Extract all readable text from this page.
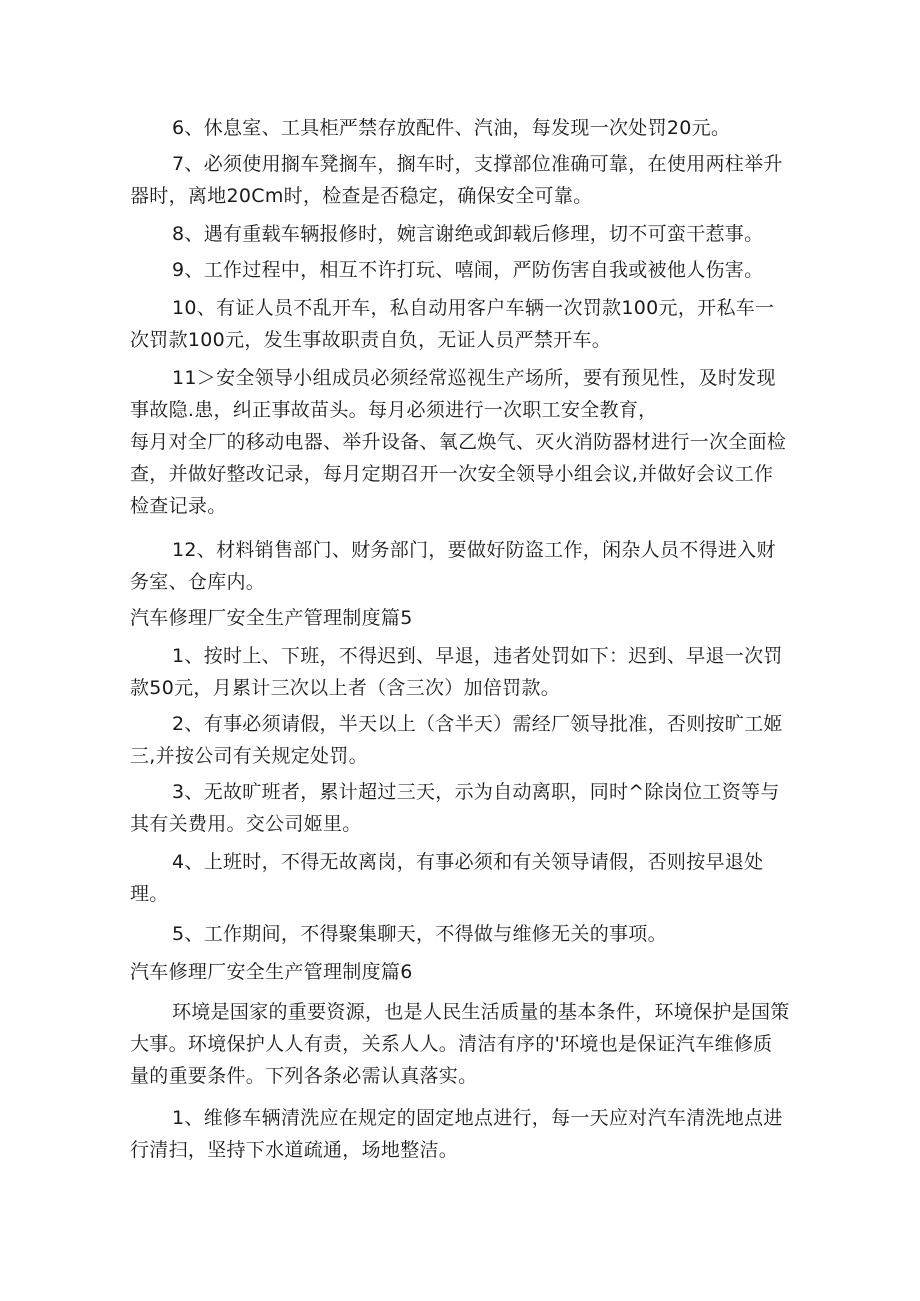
6、休息室、工具柜严禁存放配件、汽油，每发现一次处罚20元。
7、必须使用搁车凳搁车，搁车时，支撑部位准确可靠，在使用两柱举升器时，离地20Cm时，检查是否稳定，确保安全可靠。
8、遇有重载车辆报修时，婉言谢绝或卸载后修理，切不可蛮干惹事。
9、工作过程中，相互不许打玩、嘻闹，严防伤害自我或被他人伤害。
10、有证人员不乱开车，私自动用客户车辆一次罚款100元，开私车一次罚款100元，发生事故职责自负，无证人员严禁开车。
11＞安全领导小组成员必须经常巡视生产场所，要有预见性，及时发现事故隐.患，纠正事故苗头。每月必须进行一次职工安全教育，
每月对全厂的移动电器、举升设备、氧乙焕气、灭火消防器材进行一次全面检查，并做好整改记录，每月定期召开一次安全领导小组会议,并做好会议工作检查记录。
12、材料销售部门、财务部门，要做好防盗工作，闲杂人员不得进入财务室、仓库内。
汽车修理厂安全生产管理制度篇5
1、按时上、下班，不得迟到、早退，违者处罚如下：迟到、早退一次罚款50元，月累计三次以上者（含三次）加倍罚款。
2、有事必须请假，半天以上（含半天）需经厂领导批准，否则按旷工姬三,并按公司有关规定处罚。
3、无故旷班者，累计超过三天，示为自动离职，同时^除岗位工资等与其有关费用。交公司姬里。
4、上班时，不得无故离岗，有事必须和有关领导请假，否则按早退处理。
5、工作期间，不得聚集聊天，不得做与维修无关的事项。
汽车修理厂安全生产管理制度篇6
环境是国家的重要资源，也是人民生活质量的基本条件，环境保护是国策大事。环境保护人人有责，关系人人。清洁有序的'环境也是保证汽车维修质量的重要条件。下列各条必需认真落实。
1、维修车辆清洗应在规定的固定地点进行，每一天应对汽车清洗地点进行清扫，坚持下水道疏通，场地整洁。
